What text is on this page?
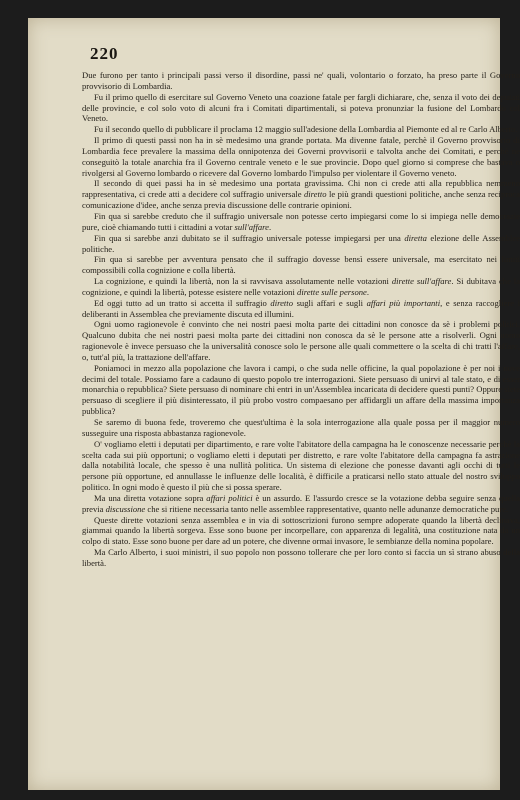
220

Due furono per tanto i principali passi verso il disordine, passi ne' quali, volontario o forzato, ha preso parte il Governo provvisorio di Lombardia.

Fu il primo quello di esercitare sul Governo Veneto una coazione fatale per fargli dichiarare, che, senza il voto dei deputati delle provincie, e col solo voto di alcuni fra i Comitati dipartimentali, si poteva pronunziar la fusione del Lombardo col Veneto.

Fu il secondo quello di pubblicare il proclama 12 maggio sull'adesione della Lombardia al Piemonte ed al re Carlo Alberto.

Il primo di questi passi non ha in sè medesimo una grande portata. Ma divenne fatale, perchè il Governo provvisorio di Lombardia fece prevalere la massima della onnipotenza dei Governi provvisorii e talvolta anche dei Comitati, e perchè ne conseguitò la totale anarchia fra il Governo centrale veneto e le sue provincie. Dopo quel giorno si comprese che bastava o rivolgersi al Governo lombardo o ricevere dal Governo lombardo l'impulso per violentare il Governo veneto.

Il secondo di quei passi ha in sè medesimo una portata gravissima. Chi non ci crede atti alla repubblica nemmeno rappresentativa, ci crede atti a decidere col suffragio universale diretto le più grandi questioni politiche, anche senza reciproca comunicazione d'idee, anche senza previa discussione delle contrarie opinioni.

Fin qua si sarebbe creduto che il suffragio universale non potesse certo impiegarsi come lo si impiega nelle democrazie pure, cioè chiamando tutti i cittadini a votar sull'affare.

Fin qua si sarebbe anzi dubitato se il suffragio universale potesse impiegarsi per una diretta elezione delle Assemblee politiche.

Fin qua si sarebbe per avventura pensato che il suffragio dovesse bensì essere universale, ma esercitato nei limiti compossibili colla cognizione e colla libertà.

La cognizione, e quindi la libertà, non la si ravvisava assolutamente nelle votazioni dirette sull'affare. Si dubitava che la cognizione, e quindi la libertà, potesse esistere nelle votazioni dirette sulle persone.

Ed oggi tutto ad un tratto si accetta il suffragio diretto sugli affari e sugli affari più importanti, e senza raccogliere i deliberanti in Assemblea che previamente discuta ed illumini.

Ogni uomo ragionevole è convinto che nei nostri paesi molta parte dei cittadini non conosce da sè i problemi politici. Qualcuno dubita che nei nostri paesi molta parte dei cittadini non conosca da sè le persone atte a risolverli. Ogni uomo ragionevole è invece persuaso che la universalità conosce solo le persone alle quali commettere o la scelta di chi tratti l'affare, o, tutt'al più, la trattazione dell'affare.

Poniamoci in mezzo alla popolazione che lavora i campi, o che suda nelle officine, la qual popolazione è per noi i nove decimi del totale. Possiamo fare a cadauno di questo popolo tre interrogazioni. Siete persuaso di unirvi al tale stato, e di esser monarchia o repubblica? Siete persuaso di nominare chi entri in un'Assemblea incaricata di decidere questi punti? Oppure siete persuaso di scegliere il più disinteressato, il più probo vostro compaesano per affidargli un affare della massima importanza pubblica?

Se saremo di buona fede, troveremo che quest'ultima è la sola interrogazione alla quale possa per il maggior numero susseguire una risposta abbastanza ragionevole.

O' vogliamo eletti i deputati per dipartimento, e rare volte l'abitatore della campagna ha le conoscenze necessarie perchè la scelta cada sui più opportuni; o vogliamo eletti i deputati per distretto, e rare volte l'abitatore della campagna fa astrazione dalla notabilità locale, che spesso è una nullità politica. Un sistema di elezione che ponesse davanti agli occhi di tutti le persone più opportune, ed annullasse le influenze delle località, è difficile a praticarsi nello stato attuale del nostro sviluppo politico. In ogni modo è questo il più che si possa sperare.

Ma una diretta votazione sopra affari politici è un assurdo. E l'assurdo cresce se la votazione debba seguire senza quella previa discussione che si ritiene necessaria tanto nelle assemblee rappresentative, quanto nelle adunanze democratiche pure.

Queste dirette votazioni senza assemblea e in via di sottoscrizioni furono sempre adoperate quando la libertà declinava, giammai quando la libertà sorgeva. Esse sono buone per incorpellare, con apparenza di legalità, una costituzione nata da un colpo di stato. Esse sono buone per dare ad un potere, che divenne ormai invasore, le sembianze della nomina popolare.

Ma Carlo Alberto, i suoi ministri, il suo popolo non possono tollerare che per loro conto si faccia un sì strano abuso della libertà.
